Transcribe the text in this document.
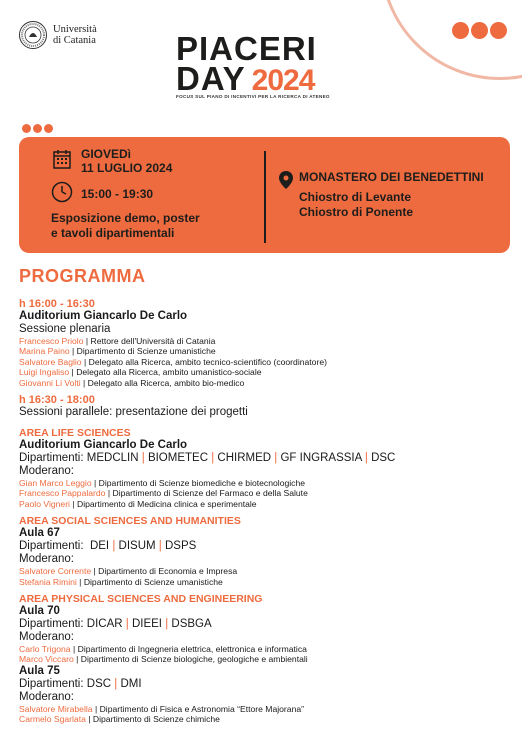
Università
di Catania PIACERI
DAY 2024
FOCUS SUL PIANO DI INCENTIVI PER LA RICERCA DI ATENEO
GIOVEDì
11 LUGLIO 2024
15:00 - 19:30
Esposizione demo, poster
e tavoli dipartimentali
MONASTERO DEI BENEDETTINI
Chiostro di Levante
Chiostro di Ponente
PROGRAMMA
h 16:00 - 16:30
Auditorium Giancarlo De Carlo
Sessione plenaria
Francesco Priolo | Rettore dell'Università di Catania
Marina Paino | Dipartimento di Scienze umanistiche
Salvatore Baglio | Delegato alla Ricerca, ambito tecnico-scientifico (coordinatore)
Luigi Ingaliso | Delegato alla Ricerca, ambito umanistico-sociale
Giovanni Li Volti | Delegato alla Ricerca, ambito bio-medico
h 16:30 - 18:00
Sessioni parallele: presentazione dei progetti
AREA LIFE SCIENCES
Auditorium Giancarlo De Carlo
Dipartimenti: MEDCLIN | BIOMETEC | CHIRMED | GF INGRASSIA | DSC
Moderano:
Gian Marco Leggio | Dipartimento di Scienze biomediche e biotecnologiche
Francesco Pappalardo | Dipartimento di Scienze del Farmaco e della Salute
Paolo Vigneri | Dipartimento di Medicina clinica e sperimentale
AREA SOCIAL SCIENCES AND HUMANITIES
Aula 67
Dipartimenti: DEI | DISUM | DSPS
Moderano:
Salvatore Corrente | Dipartimento di Economia e Impresa
Stefania Rimini | Dipartimento di Scienze umanistiche
AREA PHYSICAL SCIENCES AND ENGINEERING
Aula 70
Dipartimenti: DICAR | DIEEI | DSBGA
Moderano:
Carlo Trigona | Dipartimento di Ingegneria elettrica, elettronica e informatica
Marco Viccaro | Dipartimento di Scienze biologiche, geologiche e ambientali
Aula 75
Dipartimenti: DSC | DMI
Moderano:
Salvatore Mirabella | Dipartimento di Fisica e Astronomia “Ettore Majorana”
Carmelo Sgarlata | Dipartimento di Scienze chimiche
